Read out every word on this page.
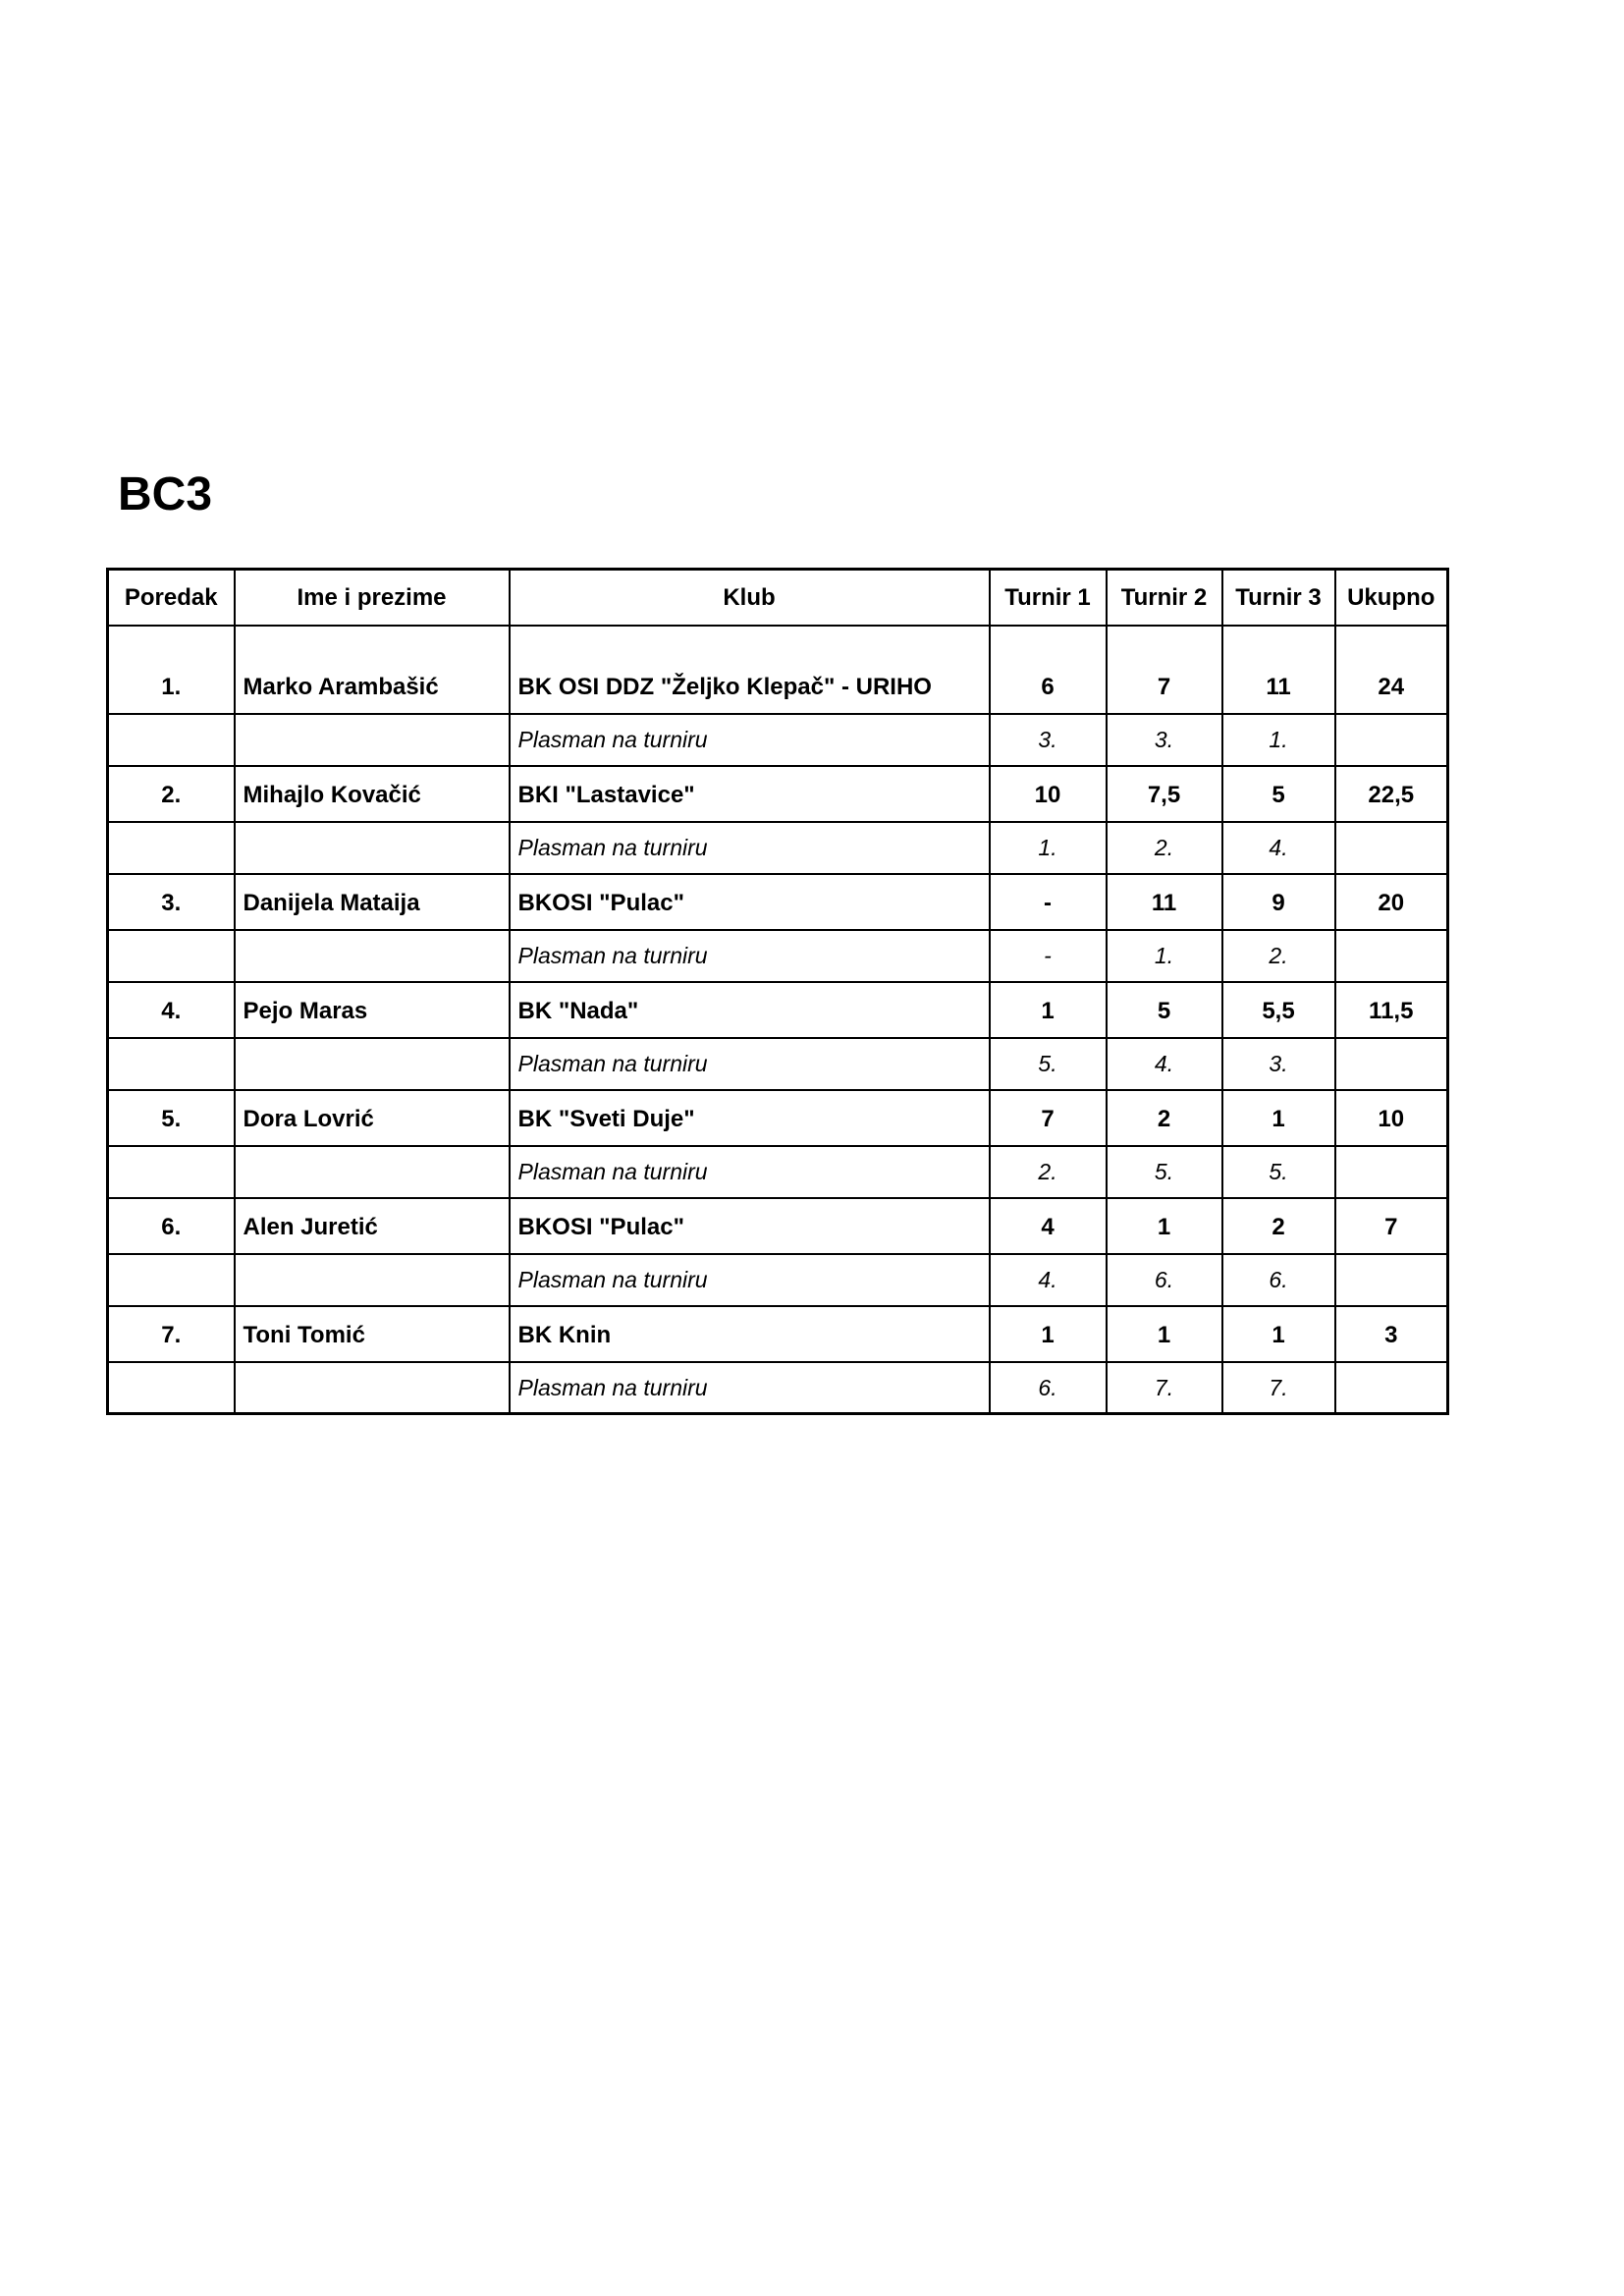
BC3
Poredak	Ime i prezime	Klub	Turnir 1	Turnir 2	Turnir 3	Ukupno
1.	Marko Arambašić	BK OSI DDZ "Željko Klepač" - URIHO	6	7	11	24
		Plasman na turniru	3.	3.	1.	
2.	Mihajlo Kovačić	BKI "Lastavice"	10	7,5	5	22,5
		Plasman na turniru	1.	2.	4.	
3.	Danijela Mataija	BKOSI "Pulac"	-	11	9	20
		Plasman na turniru	-	1.	2.	
4.	Pejo Maras	BK "Nada"	1	5	5,5	11,5
		Plasman na turniru	5.	4.	3.	
5.	Dora Lovrić	BK "Sveti Duje"	7	2	1	10
		Plasman na turniru	2.	5.	5.	
6.	Alen Juretić	BKOSI "Pulac"	4	1	2	7
		Plasman na turniru	4.	6.	6.	
7.	Toni Tomić	BK Knin	1	1	1	3
		Plasman na turniru	6.	7.	7.	
